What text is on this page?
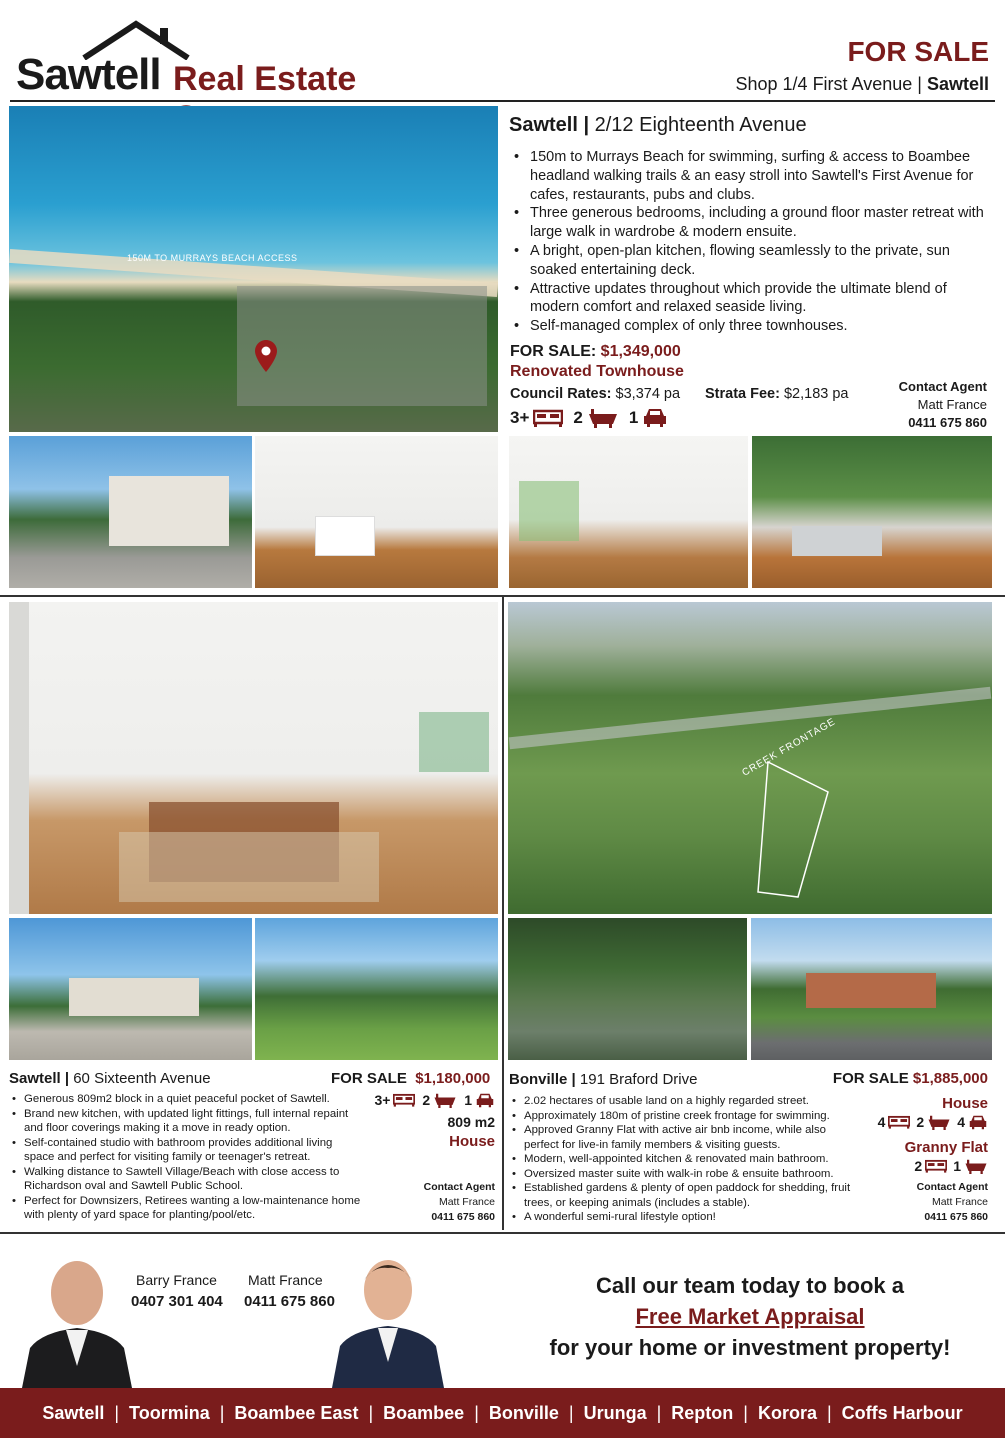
Sawtell Real Estate
FOR SALE
Shop 1/4 First Avenue | Sawtell
150M TO MURRAYS BEACH ACCESS
Sawtell | 2/12 Eighteenth Avenue
• 150m to Murrays Beach for swimming, surfing & access to Boambee headland walking trails & an easy stroll into Sawtell's First Avenue for cafes, restaurants, pubs and clubs.
• Three generous bedrooms, including a ground floor master retreat with large walk in wardrobe & modern ensuite.
• A bright, open-plan kitchen, flowing seamlessly to the private, sun soaked entertaining deck.
• Attractive updates throughout which provide the ultimate blend of modern comfort and relaxed seaside living.
• Self-managed complex of only three townhouses.
FOR SALE: $1,349,000
Renovated Townhouse
Council Rates: $3,374 pa Strata Fee: $2,183 pa
3+	2	1
Contact Agent
Matt France
0411 675 860
CREEK FRONTAGE
Sawtell | 60 Sixteenth Avenue	FOR SALE $1,180,000
• Generous 809m2 block in a quiet peaceful pocket of Sawtell.
• Brand new kitchen, with updated light fittings, full internal repaint and floor coverings making it a move in ready option.
• Self-contained studio with bathroom provides additional living space and perfect for visiting family or teenager's retreat.
• Walking distance to Sawtell Village/Beach with close access to Richardson oval and Sawtell Public School.
• Perfect for Downsizers, Retirees wanting a low-maintenance home with plenty of yard space for planting/pool/etc.
3+ 2 1
809 m2
House
Contact Agent
Matt France
0411 675 860
Bonville | 191 Braford Drive	FOR SALE $1,885,000
• 2.02 hectares of usable land on a highly regarded street.
• Approximately 180m of pristine creek frontage for swimming.
• Approved Granny Flat with active air bnb income, while also perfect for live-in family members & visiting guests.
• Modern, well-appointed kitchen & renovated main bathroom.
• Oversized master suite with walk-in robe & ensuite bathroom.
• Established gardens & plenty of open paddock for shedding, fruit trees, or keeping animals (includes a stable).
• A wonderful semi-rural lifestyle option!
House
4 2 4
Granny Flat
2 1
Contact Agent
Matt France
0411 675 860
Barry France
0407 301 404
Matt France
0411 675 860
Call our team today to book a
Free Market Appraisal
for your home or investment property!
Sawtell | Toormina | Boambee East | Boambee | Bonville | Urunga | Repton | Korora | Coffs Harbour
